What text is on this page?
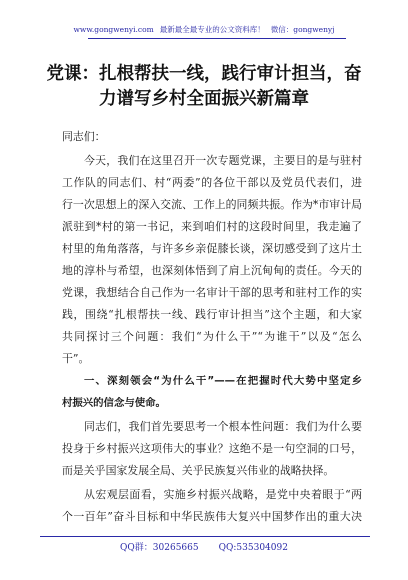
www.gongwenyi.com 最新最全最专业的公文资料库！ 微信：gongwenyj
党课：扎根帮扶一线，践行审计担当，奋
力谱写乡村全面振兴新篇章
同志们：
今天，我们在这里召开一次专题党课，主要目的是与驻村
工作队的同志们、村“两委”的各位干部以及党员代表们，进
行一次思想上的深入交流、工作上的同频共振。作为*市审计局
派驻到*村的第一书记，来到咱们村的这段时间里，我走遍了
村里的角角落落，与许多乡亲促膝长谈，深切感受到了这片土
地的淳朴与希望，也深刻体悟到了肩上沉甸甸的责任。今天的
党课，我想结合自己作为一名审计干部的思考和驻村工作的实
践，围绕“扎根帮扶一线、践行审计担当”这个主题，和大家
共同探讨三个问题：我们“为什么干”“为谁干”以及“怎么
干”。
一、深刻领会“为什么干”——在把握时代大势中坚定乡
村振兴的信念与使命。
同志们，我们首先要思考一个根本性问题：我们为什么要
投身于乡村振兴这项伟大的事业？这绝不是一句空洞的口号，
而是关乎国家发展全局、关乎民族复兴伟业的战略抉择。
从宏观层面看，实施乡村振兴战略，是党中央着眼于“两
个一百年”奋斗目标和中华民族伟大复兴中国梦作出的重大决
QQ群：30265665 QQ:535304092
